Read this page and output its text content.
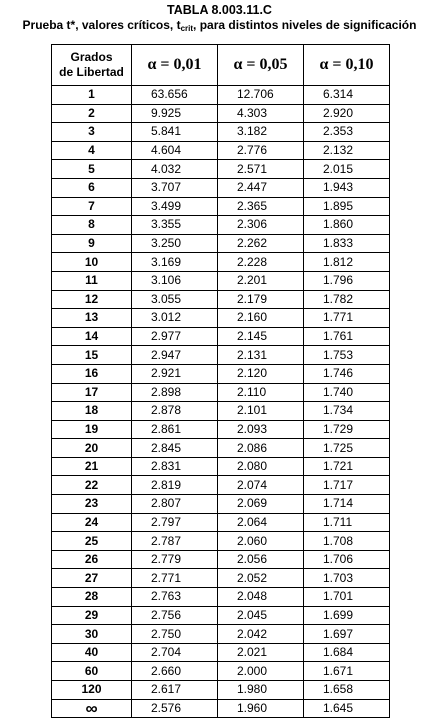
TABLA 8.003.11.C
Prueba t*, valores críticos, $t_{crit}$, para distintos niveles de significación
Grados
de Libertad	α = 0,01	α = 0,05	α = 0,10
1	63.656	12.706	6.314
2	9.925	4.303	2.920
3	5.841	3.182	2.353
4	4.604	2.776	2.132
5	4.032	2.571	2.015
6	3.707	2.447	1.943
7	3.499	2.365	1.895
8	3.355	2.306	1.860
9	3.250	2.262	1.833
10	3.169	2.228	1.812
11	3.106	2.201	1.796
12	3.055	2.179	1.782
13	3.012	2.160	1.771
14	2.977	2.145	1.761
15	2.947	2.131	1.753
16	2.921	2.120	1.746
17	2.898	2.110	1.740
18	2.878	2.101	1.734
19	2.861	2.093	1.729
20	2.845	2.086	1.725
21	2.831	2.080	1.721
22	2.819	2.074	1.717
23	2.807	2.069	1.714
24	2.797	2.064	1.711
25	2.787	2.060	1.708
26	2.779	2.056	1.706
27	2.771	2.052	1.703
28	2.763	2.048	1.701
29	2.756	2.045	1.699
30	2.750	2.042	1.697
40	2.704	2.021	1.684
60	2.660	2.000	1.671
120	2.617	1.980	1.658
∞	2.576	1.960	1.645
